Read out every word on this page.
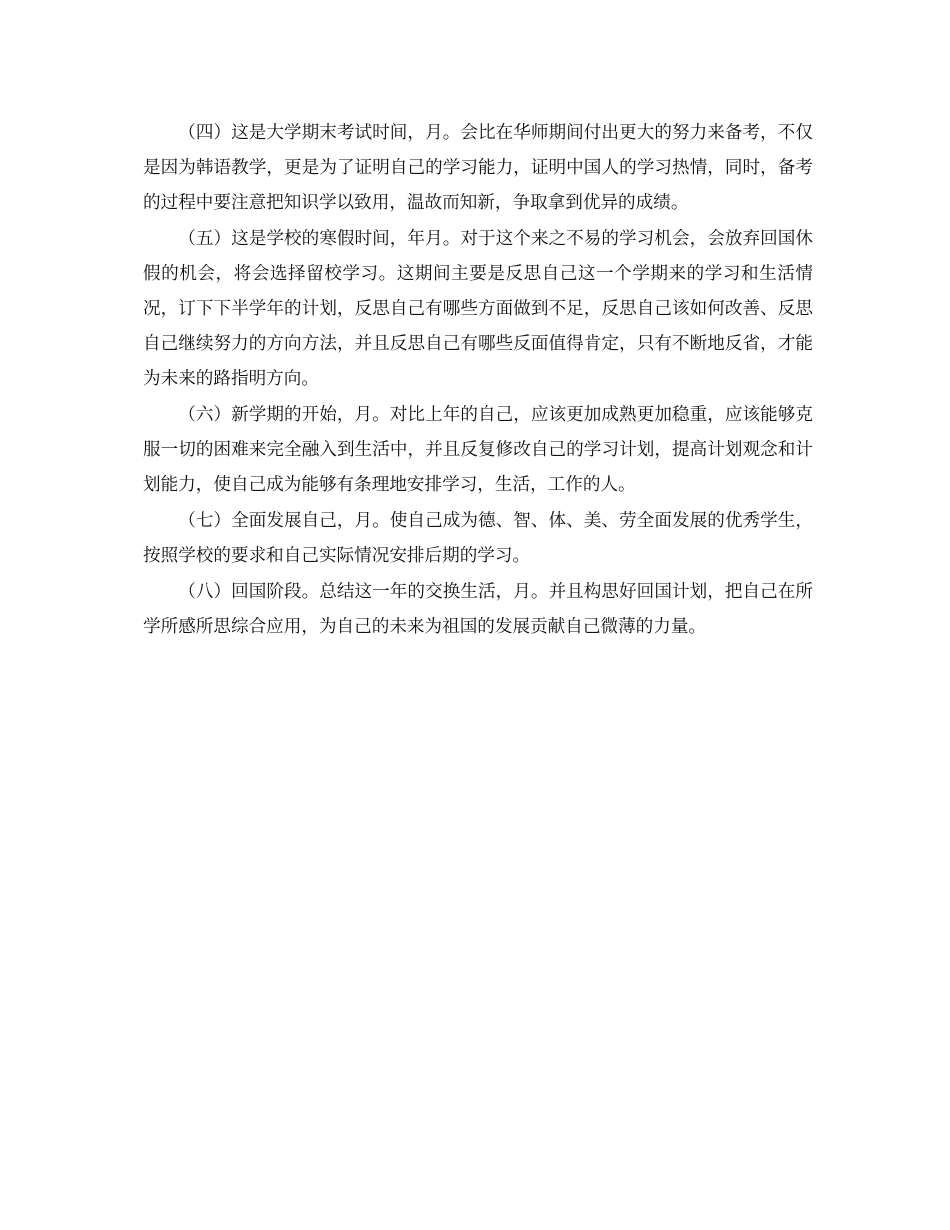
（四）这是大学期末考试时间，月。会比在华师期间付出更大的努力来备考，不仅是因为韩语教学，更是为了证明自己的学习能力，证明中国人的学习热情，同时，备考的过程中要注意把知识学以致用，温故而知新，争取拿到优异的成绩。

（五）这是学校的寒假时间，年月。对于这个来之不易的学习机会，会放弃回国休假的机会，将会选择留校学习。这期间主要是反思自己这一个学期来的学习和生活情况，订下下半学年的计划，反思自己有哪些方面做到不足，反思自己该如何改善、反思自己继续努力的方向方法，并且反思自己有哪些反面值得肯定，只有不断地反省，才能为未来的路指明方向。

（六）新学期的开始，月。对比上年的自己，应该更加成熟更加稳重，应该能够克服一切的困难来完全融入到生活中，并且反复修改自己的学习计划，提高计划观念和计划能力，使自己成为能够有条理地安排学习，生活，工作的人。

（七）全面发展自己，月。使自己成为德、智、体、美、劳全面发展的优秀学生，按照学校的要求和自己实际情况安排后期的学习。

（八）回国阶段。总结这一年的交换生活，月。并且构思好回国计划，把自己在所学所感所思综合应用，为自己的未来为祖国的发展贡献自己微薄的力量。
